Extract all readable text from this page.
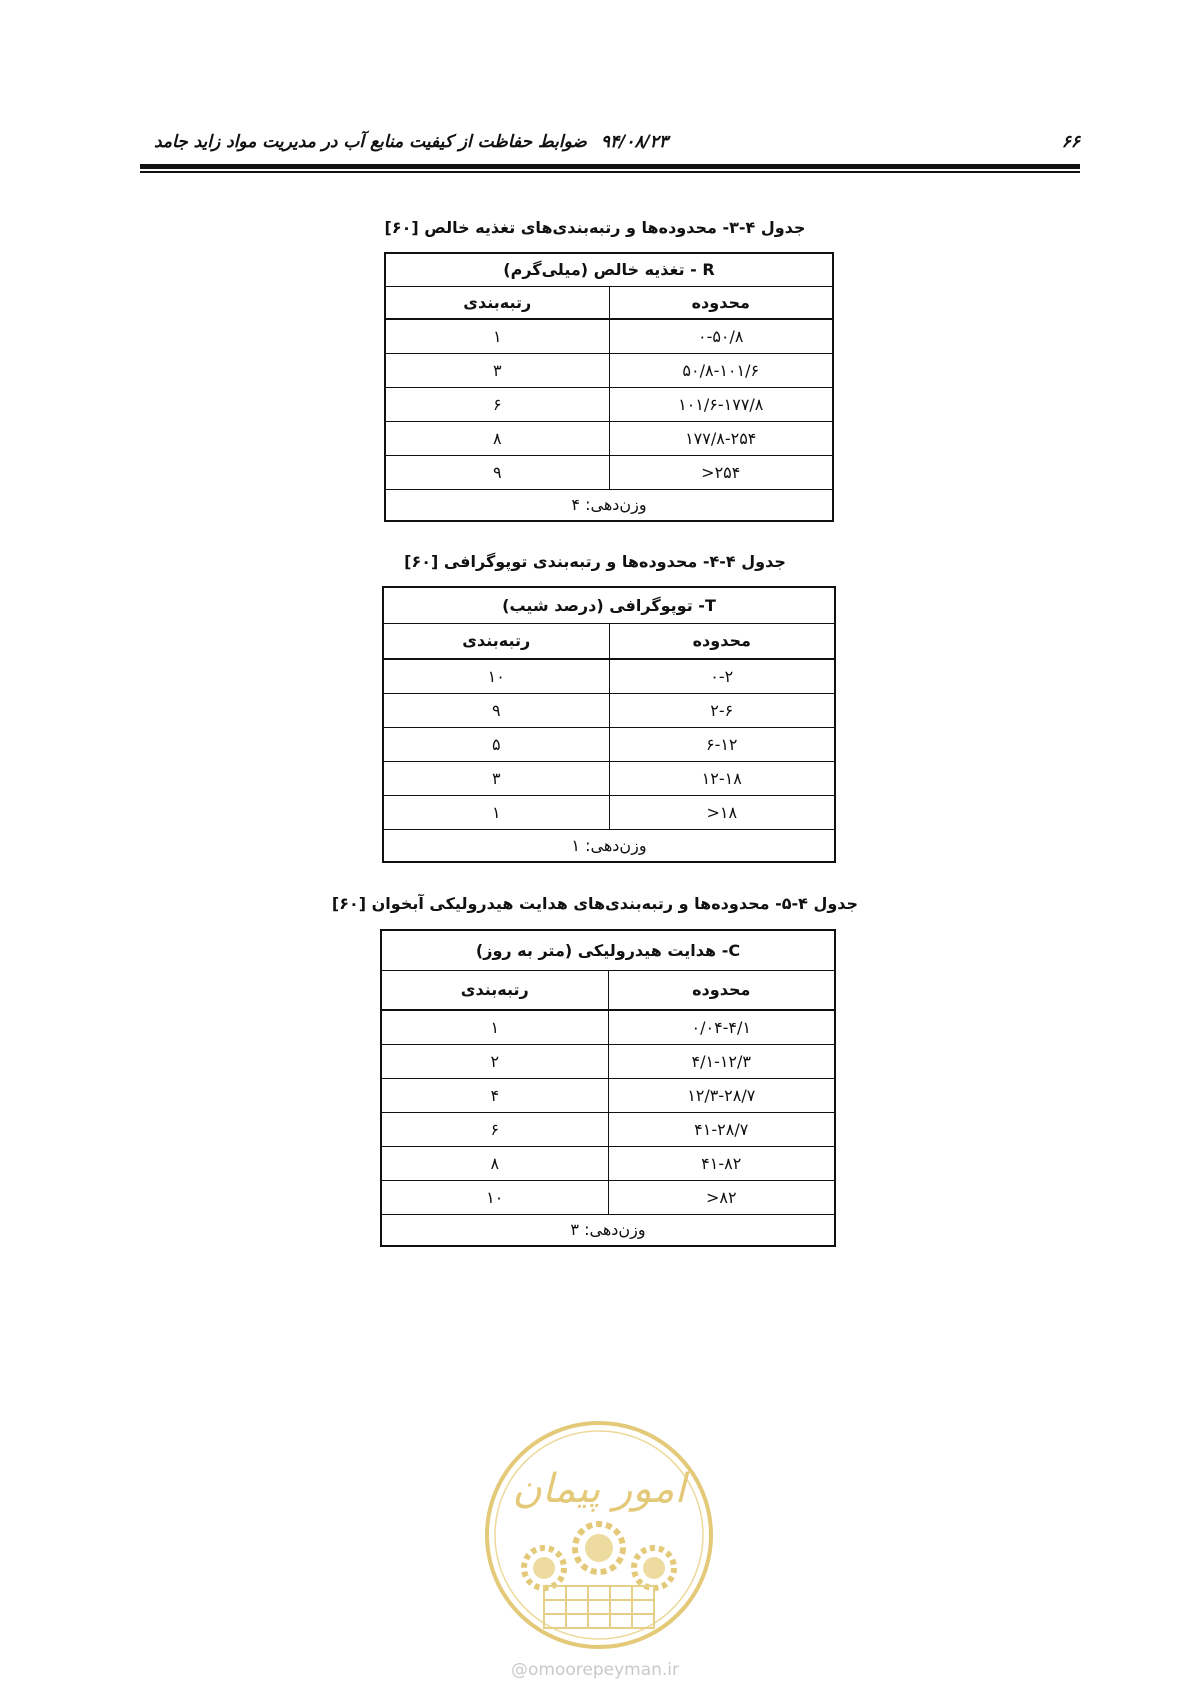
۶۶
۹۴/۰۸/۲۳ضوابط حفاظت از کیفیت منابع آب در مدیریت مواد زاید جامد
جدول ۴-۳- محدوده‌ها و رتبه‌بندی‌های تغذیه خالص [۶۰]
R - تغذیه خالص (میلی‌گرم)	
محدوده	رتبه‌بندی
۰-۵۰/۸	۱
۵۰/۸-۱۰۱/۶	۳
۱۰۱/۶-۱۷۷/۸	۶
۱۷۷/۸-۲۵۴	۸
۲۵۴<	۹
وزن‌دهی: ۴	
جدول ۴-۴- محدوده‌ها و رتبه‌بندی توپوگرافی [۶۰]
T- توپوگرافی (درصد شیب)	
محدوده	رتبه‌بندی
۰-۲	۱۰
۲-۶	۹
۶-۱۲	۵
۱۲-۱۸	۳
۱۸<	۱
وزن‌دهی: ۱	
جدول ۴-۵- محدوده‌ها و رتبه‌بندی‌های هدایت هیدرولیکی آبخوان [۶۰]
C- هدایت هیدرولیکی (متر به روز)	
محدوده	رتبه‌بندی
۰/۰۴-۴/۱	۱
۴/۱-۱۲/۳	۲
۱۲/۳-۲۸/۷	۴
۴۱-۲۸/۷	۶
۴۱-۸۲	۸
۸۲<	۱۰
وزن‌دهی: ۳	
امور پیمان
@omoorepeyman.ir
